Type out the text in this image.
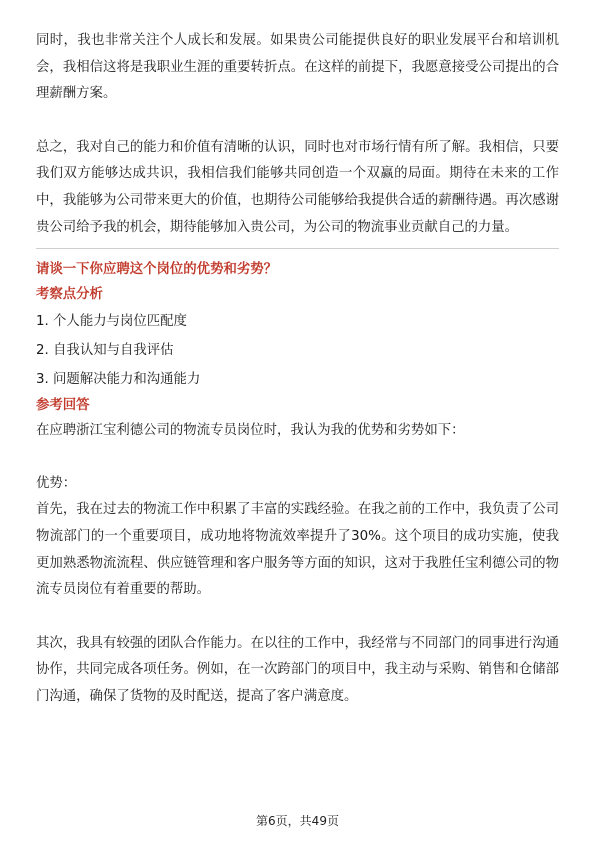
同时，我也非常关注个人成长和发展。如果贵公司能提供良好的职业发展平台和培训机会，我相信这将是我职业生涯的重要转折点。在这样的前提下，我愿意接受公司提出的合理薪酬方案。

总之，我对自己的能力和价值有清晰的认识，同时也对市场行情有所了解。我相信，只要我们双方能够达成共识，我相信我们能够共同创造一个双赢的局面。期待在未来的工作中，我能够为公司带来更大的价值，也期待公司能够给我提供合适的薪酬待遇。再次感谢贵公司给予我的机会，期待能够加入贵公司，为公司的物流事业贡献自己的力量。

请谈一下你应聘这个岗位的优势和劣势？

考察点分析

1. 个人能力与岗位匹配度

2. 自我认知与自我评估

3. 问题解决能力和沟通能力

参考回答

在应聘浙江宝利德公司的物流专员岗位时，我认为我的优势和劣势如下：

优势：

首先，我在过去的物流工作中积累了丰富的实践经验。在我之前的工作中，我负责了公司物流部门的一个重要项目，成功地将物流效率提升了30%。这个项目的成功实施，使我更加熟悉物流流程、供应链管理和客户服务等方面的知识，这对于我胜任宝利德公司的物流专员岗位有着重要的帮助。

其次，我具有较强的团队合作能力。在以往的工作中，我经常与不同部门的同事进行沟通协作，共同完成各项任务。例如，在一次跨部门的项目中，我主动与采购、销售和仓储部门沟通，确保了货物的及时配送，提高了客户满意度。

第6页，共49页
